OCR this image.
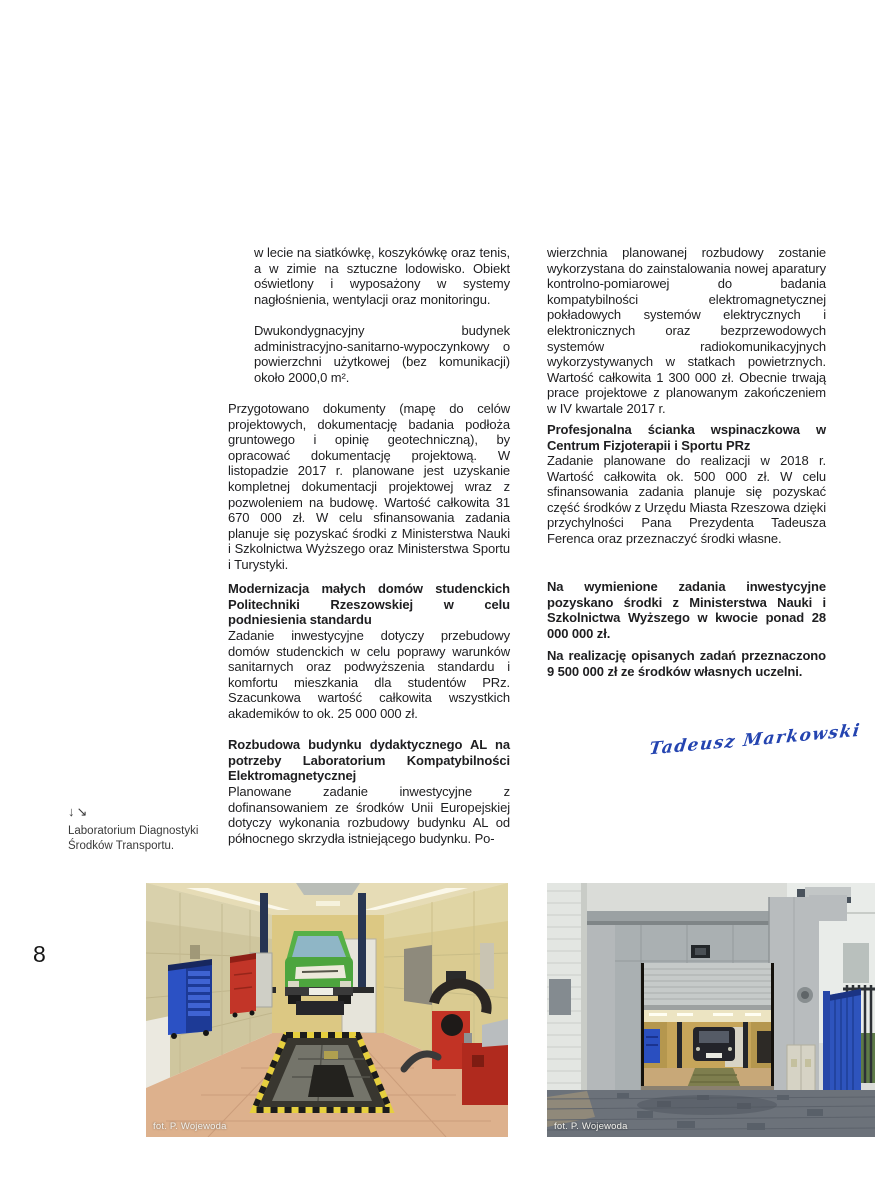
w lecie na siatkówkę, koszykówkę oraz tenis, a w zimie na sztuczne lodowisko. Obiekt oświetlony i wyposażony w systemy nagłośnienia, wentylacji oraz monitoringu.
Dwukondygnacyjny budynek administracyjno-sanitarno-wypoczynkowy o powierzchni użytkowej (bez komunikacji) około 2000,0 m².
Przygotowano dokumenty (mapę do celów projektowych, dokumentację badania podłoża gruntowego i opinię geotechniczną), by opracować dokumentację projektową. W listopadzie 2017 r. planowane jest uzyskanie kompletnej dokumentacji projektowej wraz z pozwoleniem na budowę. Wartość całkowita 31 670 000 zł. W celu sfinansowania zadania planuje się pozyskać środki z Ministerstwa Nauki i Szkolnictwa Wyższego oraz Ministerstwa Sportu i Turystyki.
Modernizacja małych domów studenckich Politechniki Rzeszowskiej w celu podniesienia standardu
Zadanie inwestycyjne dotyczy przebudowy domów studenckich w celu poprawy warunków sanitarnych oraz podwyższenia standardu i komfortu mieszkania dla studentów PRz. Szacunkowa wartość całkowita wszystkich akademików to ok. 25 000 000 zł.
Rozbudowa budynku dydaktycznego AL na potrzeby Laboratorium Kompatybilności Elektromagnetycznej
Planowane zadanie inwestycyjne z dofinansowaniem ze środków Unii Europejskiej dotyczy wykonania rozbudowy budynku AL od północnego skrzydła istniejącego budynku. Po-
wierzchnia planowanej rozbudowy zostanie wykorzystana do zainstalowania nowej aparatury kontrolno-pomiarowej do badania kompatybilności elektromagnetycznej pokładowych systemów elektrycznych i elektronicznych oraz bezprzewodowych systemów radiokomunikacyjnych wykorzystywanych w statkach powietrznych. Wartość całkowita 1 300 000 zł. Obecnie trwają prace projektowe z planowanym zakończeniem w IV kwartale 2017 r.
Profesjonalna ścianka wspinaczkowa w Centrum Fizjoterapii i Sportu PRz
Zadanie planowane do realizacji w 2018 r. Wartość całkowita ok. 500 000 zł. W celu sfinansowania zadania planuje się pozyskać część środków z Urzędu Miasta Rzeszowa dzięki przychylności Pana Prezydenta Tadeusza Ferenca oraz przeznaczyć środki własne.
Na wymienione zadania inwestycyjne pozyskano środki z Ministerstwa Nauki i Szkolnictwa Wyższego w kwocie ponad 28 000 000 zł.
Na realizację opisanych zadań przeznaczono 9 500 000 zł ze środków własnych uczelni.
Tadeusz Markowski
↓↘
Laboratorium Diagnostyki
Środków Transportu.
8
fot. P. Wojewoda	fot. P. Wojewoda
